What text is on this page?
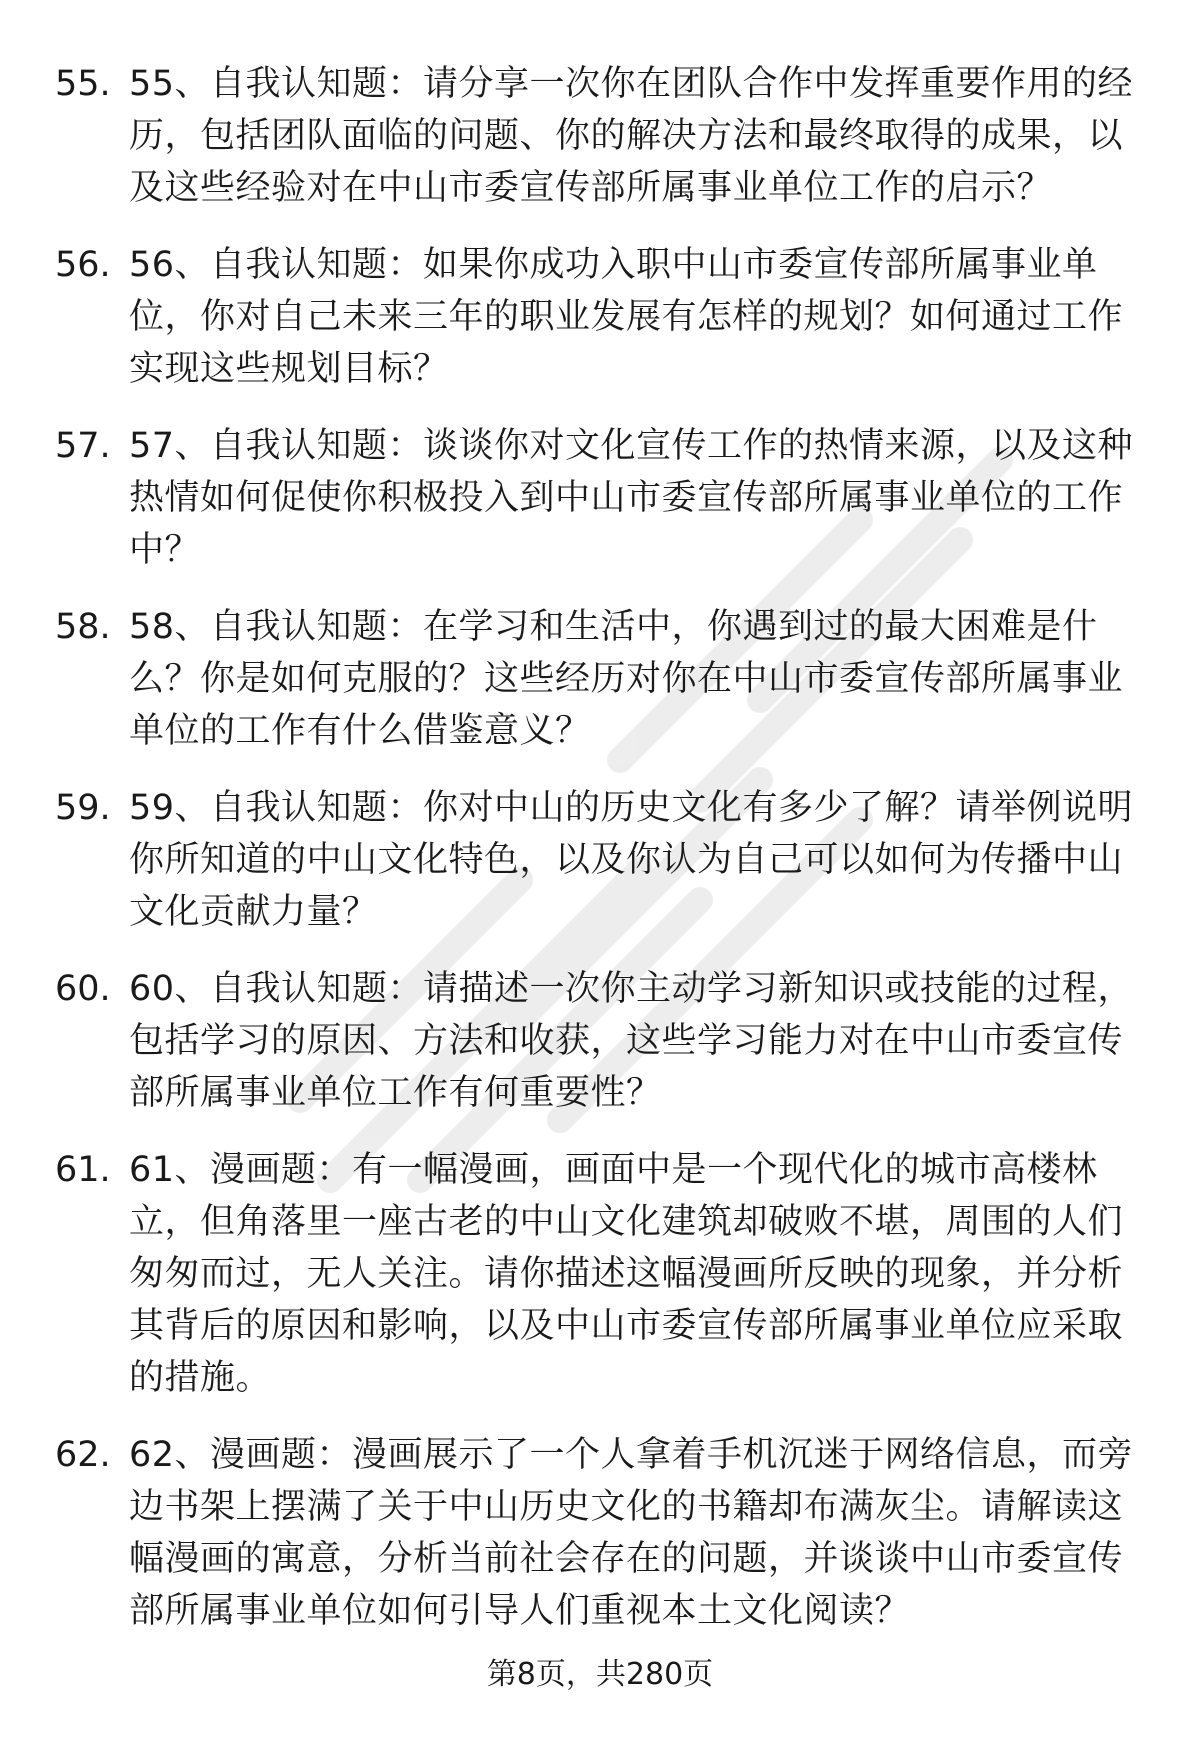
55. 55、自我认知题：请分享一次你在团队合作中发挥重要作用的经历，包括团队面临的问题、你的解决方法和最终取得的成果，以及这些经验对在中山市委宣传部所属事业单位工作的启示？
56. 56、自我认知题：如果你成功入职中山市委宣传部所属事业单位，你对自己未来三年的职业发展有怎样的规划？如何通过工作实现这些规划目标？
57. 57、自我认知题：谈谈你对文化宣传工作的热情来源，以及这种热情如何促使你积极投入到中山市委宣传部所属事业单位的工作中？
58. 58、自我认知题：在学习和生活中，你遇到过的最大困难是什么？你是如何克服的？这些经历对你在中山市委宣传部所属事业单位的工作有什么借鉴意义？
59. 59、自我认知题：你对中山的历史文化有多少了解？请举例说明你所知道的中山文化特色，以及你认为自己可以如何为传播中山文化贡献力量？
60. 60、自我认知题：请描述一次你主动学习新知识或技能的过程，包括学习的原因、方法和收获，这些学习能力对在中山市委宣传部所属事业单位工作有何重要性？
61. 61、漫画题：有一幅漫画，画面中是一个现代化的城市高楼林立，但角落里一座古老的中山文化建筑却破败不堪，周围的人们匆匆而过，无人关注。请你描述这幅漫画所反映的现象，并分析其背后的原因和影响，以及中山市委宣传部所属事业单位应采取的措施。
62. 62、漫画题：漫画展示了一个人拿着手机沉迷于网络信息，而旁边书架上摆满了关于中山历史文化的书籍却布满灰尘。请解读这幅漫画的寓意，分析当前社会存在的问题，并谈谈中山市委宣传部所属事业单位如何引导人们重视本土文化阅读？
第8页，共280页
